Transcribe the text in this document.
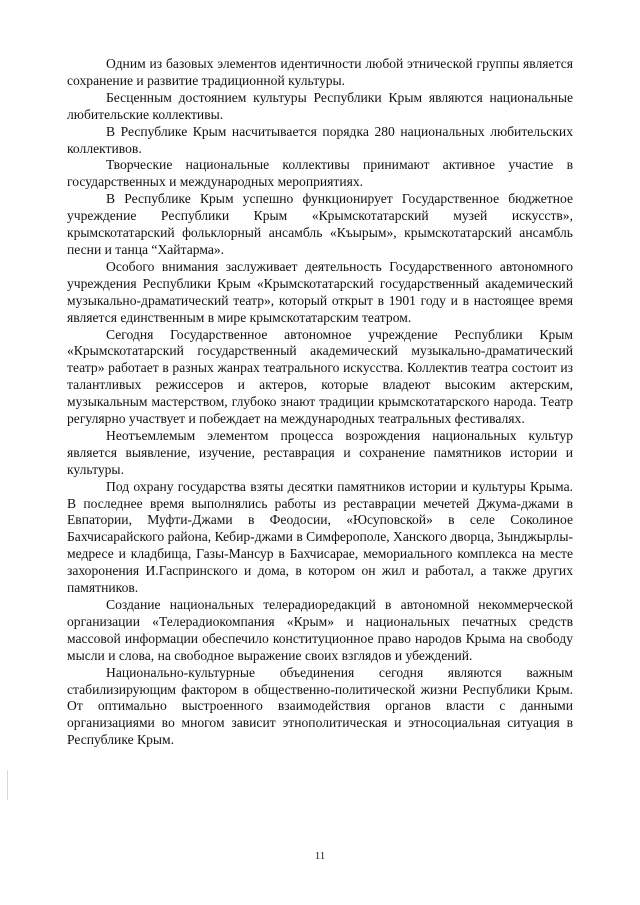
Одним из базовых элементов идентичности любой этнической группы является сохранение и развитие традиционной культуры.

Бесценным достоянием культуры Республики Крым являются национальные любительские коллективы.

В Республике Крым насчитывается порядка 280 национальных любительских коллективов.

Творческие национальные коллективы принимают активное участие в государственных и международных мероприятиях.

В Республике Крым успешно функционирует Государственное бюджетное учреждение Республики Крым «Крымскотатарский музей искусств», крымскотатарский фольклорный ансамбль «Къырым», крымскотатарский ансамбль песни и танца “Хайтарма».

Особого внимания заслуживает деятельность Государственного автономного учреждения Республики Крым «Крымскотатарский государственный академический музыкально-драматический театр», который открыт в 1901 году и в настоящее время является единственным в мире крымскотатарским театром.

Сегодня Государственное автономное учреждение Республики Крым «Крымскотатарский государственный академический музыкально-драматический театр» работает в разных жанрах театрального искусства. Коллектив театра состоит из талантливых режиссеров и актеров, которые владеют высоким актерским, музыкальным мастерством, глубоко знают традиции крымскотатарского народа. Театр регулярно участвует и побеждает на международных театральных фестивалях.

Неотъемлемым элементом процесса возрождения национальных культур является выявление, изучение, реставрация и сохранение памятников истории и культуры.

Под охрану государства взяты десятки памятников истории и культуры Крыма. В последнее время выполнялись работы из реставрации мечетей Джума-джами в Евпатории, Муфти-Джами в Феодосии, «Юсуповской» в селе Соколиное Бахчисарайского района, Кебир-джами в Симферополе, Ханского дворца, Зынджырлы-медресе и кладбища, Газы-Мансур в Бахчисарае, мемориального комплекса на месте захоронения И.Гаспринского и дома, в котором он жил и работал, а также других памятников.

Создание национальных телерадиоредакций в автономной некоммерческой организации «Телерадиокомпания «Крым» и национальных печатных средств массовой информации обеспечило конституционное право народов Крыма на свободу мысли и слова, на свободное выражение своих взглядов и убеждений.

Национально-культурные объединения сегодня являются важным стабилизирующим фактором в общественно-политической жизни Республики Крым. От оптимально выстроенного взаимодействия органов власти с данными организациями во многом зависит этнополитическая и этносоциальная ситуация в Республике Крым.

11
